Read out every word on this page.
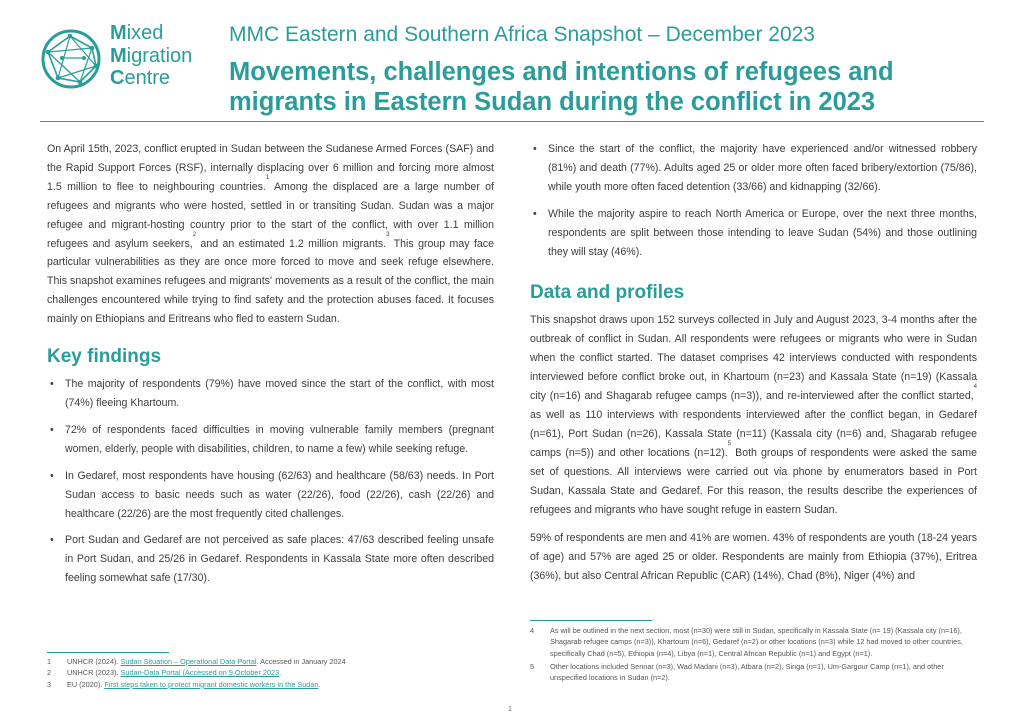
Mixed
Migration
Centre
MMC Eastern and Southern Africa Snapshot – December 2023
Movements, challenges and intentions of refugees and migrants in Eastern Sudan during the conflict in 2023

On April 15th, 2023, conflict erupted in Sudan between the Sudanese Armed Forces (SAF) and the Rapid Support Forces (RSF), internally displacing over 6 million and forcing more almost 1.5 million to flee to neighbouring countries.$^1$ Among the displaced are a large number of refugees and migrants who were hosted, settled in or transiting Sudan. Sudan was a major refugee and migrant-hosting country prior to the start of the conflict, with over 1.1 million refugees and asylum seekers,$^2$ and an estimated 1.2 million migrants.$^3$ This group may face particular vulnerabilities as they are once more forced to move and seek refuge elsewhere. This snapshot examines refugees and migrants' movements as a result of the conflict, the main challenges encountered while trying to find safety and the protection abuses faced. It focuses mainly on Ethiopians and Eritreans who fled to eastern Sudan.

Key findings
• The majority of respondents (79%) have moved since the start of the conflict, with most (74%) fleeing Khartoum.
• 72% of respondents faced difficulties in moving vulnerable family members (pregnant women, elderly, people with disabilities, children, to name a few) while seeking refuge.
• In Gedaref, most respondents have housing (62/63) and healthcare (58/63) needs. In Port Sudan access to basic needs such as water (22/26), food (22/26), cash (22/26) and healthcare (22/26) are the most frequently cited challenges.
• Port Sudan and Gedaref are not perceived as safe places: 47/63 described feeling unsafe in Port Sudan, and 25/26 in Gedaref. Respondents in Kassala State more often described feeling somewhat safe (17/30).
• Since the start of the conflict, the majority have experienced and/or witnessed robbery (81%) and death (77%). Adults aged 25 or older more often faced bribery/extortion (75/86), while youth more often faced detention (33/66) and kidnapping (32/66).
• While the majority aspire to reach North America or Europe, over the next three months, respondents are split between those intending to leave Sudan (54%) and those outlining they will stay (46%).
Data and profiles

This snapshot draws upon 152 surveys collected in July and August 2023, 3-4 months after the outbreak of conflict in Sudan. All respondents were refugees or migrants who were in Sudan when the conflict started. The dataset comprises 42 interviews conducted with respondents interviewed before conflict broke out, in Khartoum (n=23) and Kassala State (n=19) (Kassala city (n=16) and Shagarab refugee camps (n=3)), and re-interviewed after the conflict started,$^4$ as well as 110 interviews with respondents interviewed after the conflict began, in Gedaref (n=61), Port Sudan (n=26), Kassala State (n=11) (Kassala city (n=6) and, Shagarab refugee camps (n=5)) and other locations (n=12).$^5$ Both groups of respondents were asked the same set of questions. All interviews were carried out via phone by enumerators based in Port Sudan, Kassala State and Gedaref. For this reason, the results describe the experiences of refugees and migrants who have sought refuge in eastern Sudan.

59% of respondents are men and 41% are women. 43% of respondents are youth (18-24 years of age) and 57% are aged 25 or older. Respondents are mainly from Ethiopia (37%), Eritrea (36%), but also Central African Republic (CAR) (14%), Chad (8%), Niger (4%) and

1	UNHCR (2024). Sudan Situation – Operational Data Portal. Accessed in January 2024
2	UNHCR (2023). Sudan-Data Portal (Accessed on 9 October 2023.
3	EU (2020). First steps taken to protect migrant domestic workers in the Sudan.
4	As will be outlined in the next section, most (n=30) were still in Sudan, specifically in Kassala State (n= 19) (Kassala city (n=16), Shagarab refugee camps (n=3)), Khartoum (n=6), Gedaref (n=2) or other locations (n=3) while 12 had moved to other countries, specifically Chad (n=5), Ethiopia (n=4), Libya (n=1), Central African Republic (n=1) and Egypt (n=1).
5	Other locations included Sennar (n=3), Wad Madani (n=3), Atbara (n=2), Singa (n=1), Um-Gargour Camp (n=1), and other unspecified locations in Sudan (n=2).
1
